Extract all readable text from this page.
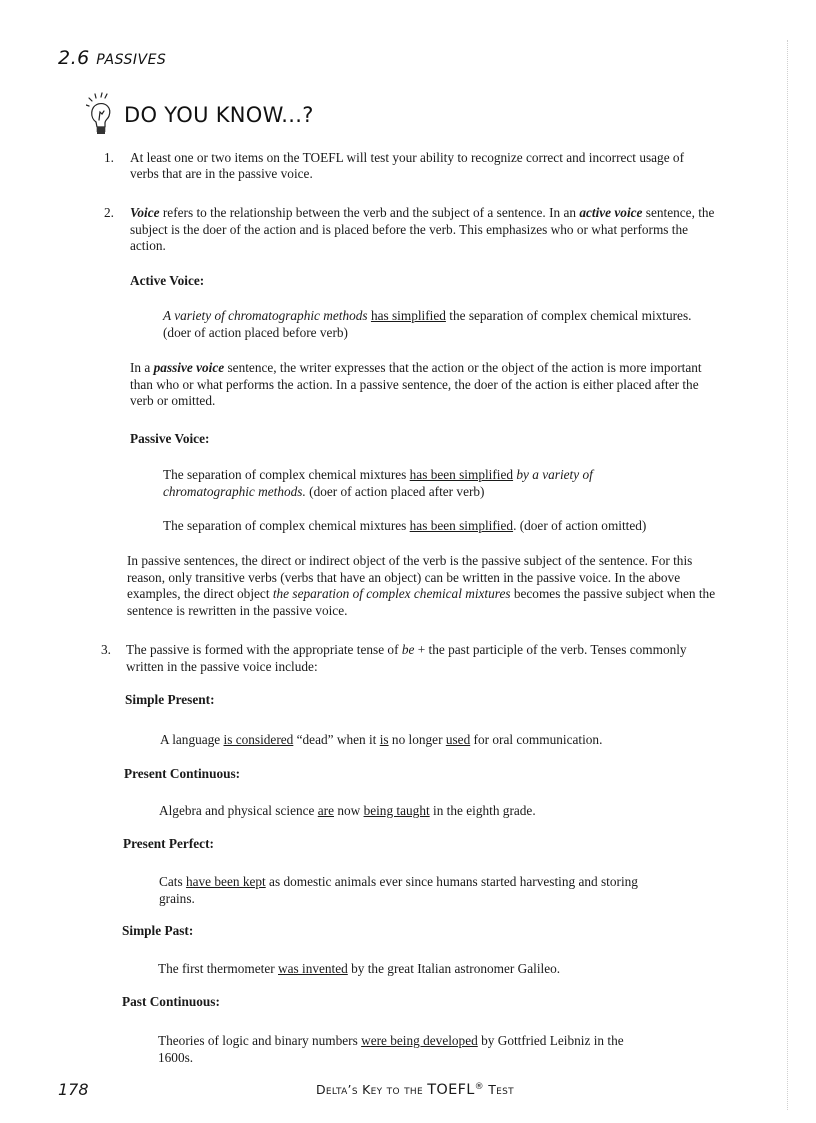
2.6 PASSIVES
DO YOU KNOW...?
1. At least one or two items on the TOEFL will test your ability to recognize correct and incorrect usage of verbs that are in the passive voice.
2. Voice refers to the relationship between the verb and the subject of a sentence. In an active voice sentence, the subject is the doer of the action and is placed before the verb. This emphasizes who or what performs the action.
Active Voice:
A variety of chromatographic methods has simplified the separation of complex chemical mixtures. (doer of action placed before verb)
In a passive voice sentence, the writer expresses that the action or the object of the action is more important than who or what performs the action. In a passive sentence, the doer of the action is either placed after the verb or omitted.
Passive Voice:
The separation of complex chemical mixtures has been simplified by a variety of chromatographic methods. (doer of action placed after verb)
The separation of complex chemical mixtures has been simplified. (doer of action omitted)
In passive sentences, the direct or indirect object of the verb is the passive subject of the sentence. For this reason, only transitive verbs (verbs that have an object) can be written in the passive voice. In the above examples, the direct object the separation of complex chemical mixtures becomes the passive subject when the sentence is rewritten in the passive voice.
3. The passive is formed with the appropriate tense of be + the past participle of the verb. Tenses commonly written in the passive voice include:
Simple Present:
A language is considered “dead” when it is no longer used for oral communication.
Present Continuous:
Algebra and physical science are now being taught in the eighth grade.
Present Perfect:
Cats have been kept as domestic animals ever since humans started harvesting and storing grains.
Simple Past:
The first thermometer was invented by the great Italian astronomer Galileo.
Past Continuous:
Theories of logic and binary numbers were being developed by Gottfried Leibniz in the 1600s.
178	Delta’s Key to the TOEFL® Test
